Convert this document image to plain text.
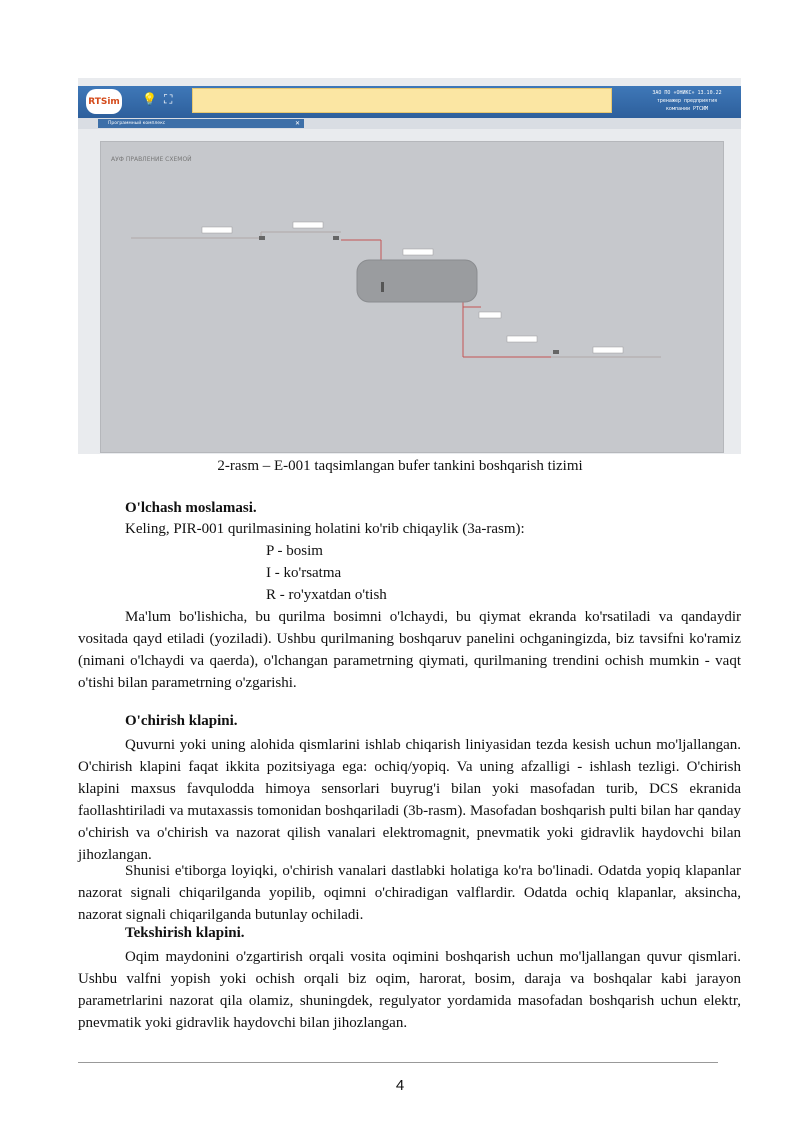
RTSim 💡 ⛶	ЗАО ПО «ОНИКС» 13.10.22
тренажер предприятия
компании РТСИМ
Программный комплекс	✕
АУФ ПРАВЛЕНИЕ СХЕМОЙ
2-rasm – E-001 taqsimlangan bufer tankini boshqarish tizimi

O'lchash moslamasi.

Keling, PIR-001 qurilmasining holatini ko'rib chiqaylik (3a-rasm):

P - bosim

I - ko'rsatma

R - ro'yxatdan o'tish

Ma'lum bo'lishicha, bu qurilma bosimni o'lchaydi, bu qiymat ekranda ko'rsatiladi va qandaydir vositada qayd etiladi (yoziladi). Ushbu qurilmaning boshqaruv panelini ochganingizda, biz tavsifni ko'ramiz (nimani o'lchaydi va qaerda), o'lchangan parametrning qiymati, qurilmaning trendini ochish mumkin - vaqt o'tishi bilan parametrning o'zgarishi.

O'chirish klapini.

Quvurni yoki uning alohida qismlarini ishlab chiqarish liniyasidan tezda kesish uchun mo'ljallangan. O'chirish klapini faqat ikkita pozitsiyaga ega: ochiq/yopiq. Va uning afzalligi - ishlash tezligi. O'chirish klapini maxsus favqulodda himoya sensorlari buyrug'i bilan yoki masofadan turib, DCS ekranida faollashtiriladi va mutaxassis tomonidan boshqariladi (3b-rasm). Masofadan boshqarish pulti bilan har qanday o'chirish va o'chirish va nazorat qilish vanalari elektromagnit, pnevmatik yoki gidravlik haydovchi bilan jihozlangan.

Shunisi e'tiborga loyiqki, o'chirish vanalari dastlabki holatiga ko'ra bo'linadi. Odatda yopiq klapanlar nazorat signali chiqarilganda yopilib, oqimni o'chiradigan valflardir. Odatda ochiq klapanlar, aksincha, nazorat signali chiqarilganda butunlay ochiladi.

Tekshirish klapini.

Oqim maydonini o'zgartirish orqali vosita oqimini boshqarish uchun mo'ljallangan quvur qismlari. Ushbu valfni yopish yoki ochish orqali biz oqim, harorat, bosim, daraja va boshqalar kabi jarayon parametrlarini nazorat qila olamiz, shuningdek, regulyator yordamida masofadan boshqarish uchun elektr, pnevmatik yoki gidravlik haydovchi bilan jihozlangan.

4
